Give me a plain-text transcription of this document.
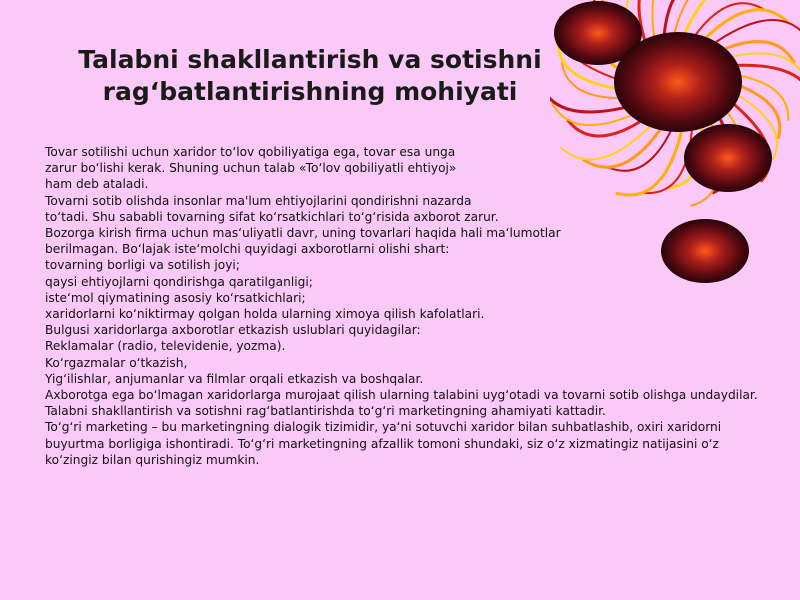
Talabni shakllantirish va sotishni
rag‘batlantirishning mohiyati
Tovar sotilishi uchun xaridor to‘lov qobiliyatiga ega, tovar esa unga
zarur bo‘lishi kerak. Shuning uchun talab «To‘lov qobiliyatli ehtiyoj»
ham deb ataladi.
Tovarni sotib olishda insonlar ma'lum ehtiyojlarini qondirishni nazarda
to‘tadi. Shu sababli tovarning sifat ko‘rsatkichlari to‘g‘risida axborot zarur.
Bozorga kirish firma uchun mas‘uliyatli davr, uning tovarlari haqida hali ma‘lumotlar
berilmagan. Bo‘lajak iste‘molchi quyidagi axborotlarni olishi shart:
tovarning borligi va sotilish joyi;
qaysi ehtiyojlarni qondirishga qaratilganligi;
iste‘mol qiymatining asosiy ko‘rsatkichlari;
xaridorlarni ko‘niktirmay qolgan holda ularning ximoya qilish kafolatlari.
Bulgusi xaridorlarga axborotlar etkazish uslublari quyidagilar:
Reklamalar (radio, televidenie, yozma).
Ko‘rgazmalar o‘tkazish,
Yig‘ilishlar, anjumanlar va filmlar orqali etkazish va boshqalar.
Axborotga ega bo‘lmagan xaridorlarga murojaat qilish ularning talabini uyg‘otadi va tovarni sotib olishga undaydilar.
Talabni shakllantirish va sotishni rag‘batlantirishda to‘g‘ri marketingning ahamiyati kattadir.
To‘g‘ri marketing – bu marketingning dialogik tizimidir, ya‘ni sotuvchi xaridor bilan suhbatlashib, oxiri xaridorni buyurtma borligiga ishontiradi. To‘g‘ri marketingning afzallik tomoni shundaki, siz o‘z xizmatingiz natijasini o‘z ko‘zingiz bilan qurishingiz mumkin.
